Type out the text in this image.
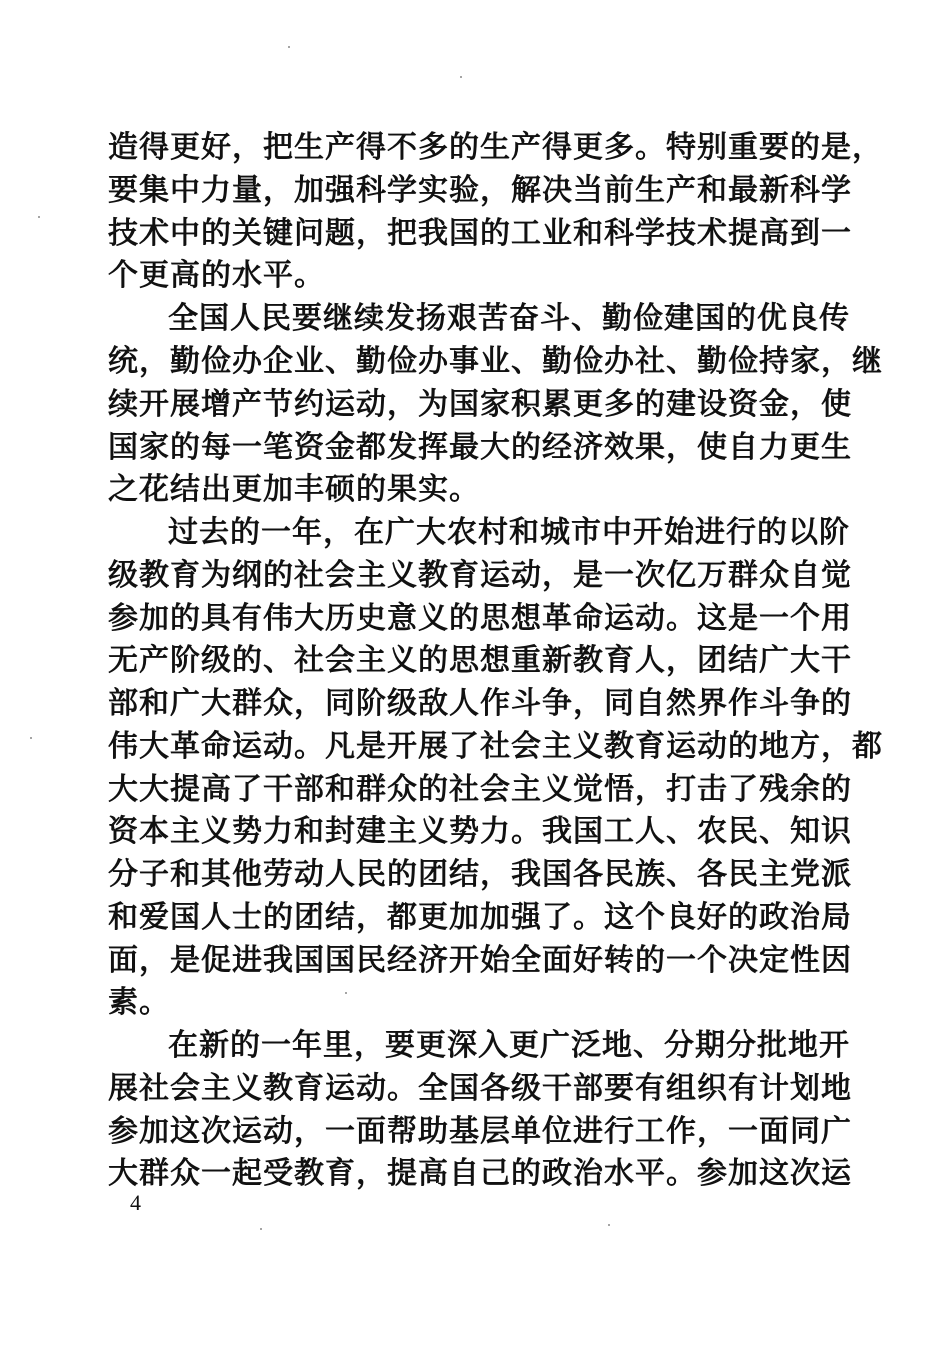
造得更好，把生产得不多的生产得更多。特别重要的是，
要集中力量，加强科学实验，解决当前生产和最新科学
技术中的关键问题，把我国的工业和科学技术提高到一
个更高的水平。
全国人民要继续发扬艰苦奋斗、勤俭建国的优良传
统，勤俭办企业、勤俭办事业、勤俭办社、勤俭持家，继
续开展增产节约运动，为国家积累更多的建设资金，使
国家的每一笔资金都发挥最大的经济效果，使自力更生
之花结出更加丰硕的果实。
过去的一年，在广大农村和城市中开始进行的以阶
级教育为纲的社会主义教育运动，是一次亿万群众自觉
参加的具有伟大历史意义的思想革命运动。这是一个用
无产阶级的、社会主义的思想重新教育人，团结广大干
部和广大群众，同阶级敌人作斗争，同自然界作斗争的
伟大革命运动。凡是开展了社会主义教育运动的地方，都
大大提高了干部和群众的社会主义觉悟，打击了残余的
资本主义势力和封建主义势力。我国工人、农民、知识
分子和其他劳动人民的团结，我国各民族、各民主党派
和爱国人士的团结，都更加加强了。这个良好的政治局
面，是促进我国国民经济开始全面好转的一个决定性因
素。
在新的一年里，要更深入更广泛地、分期分批地开
展社会主义教育运动。全国各级干部要有组织有计划地
参加这次运动，一面帮助基层单位进行工作，一面同广
大群众一起受教育，提高自己的政治水平。参加这次运
4
